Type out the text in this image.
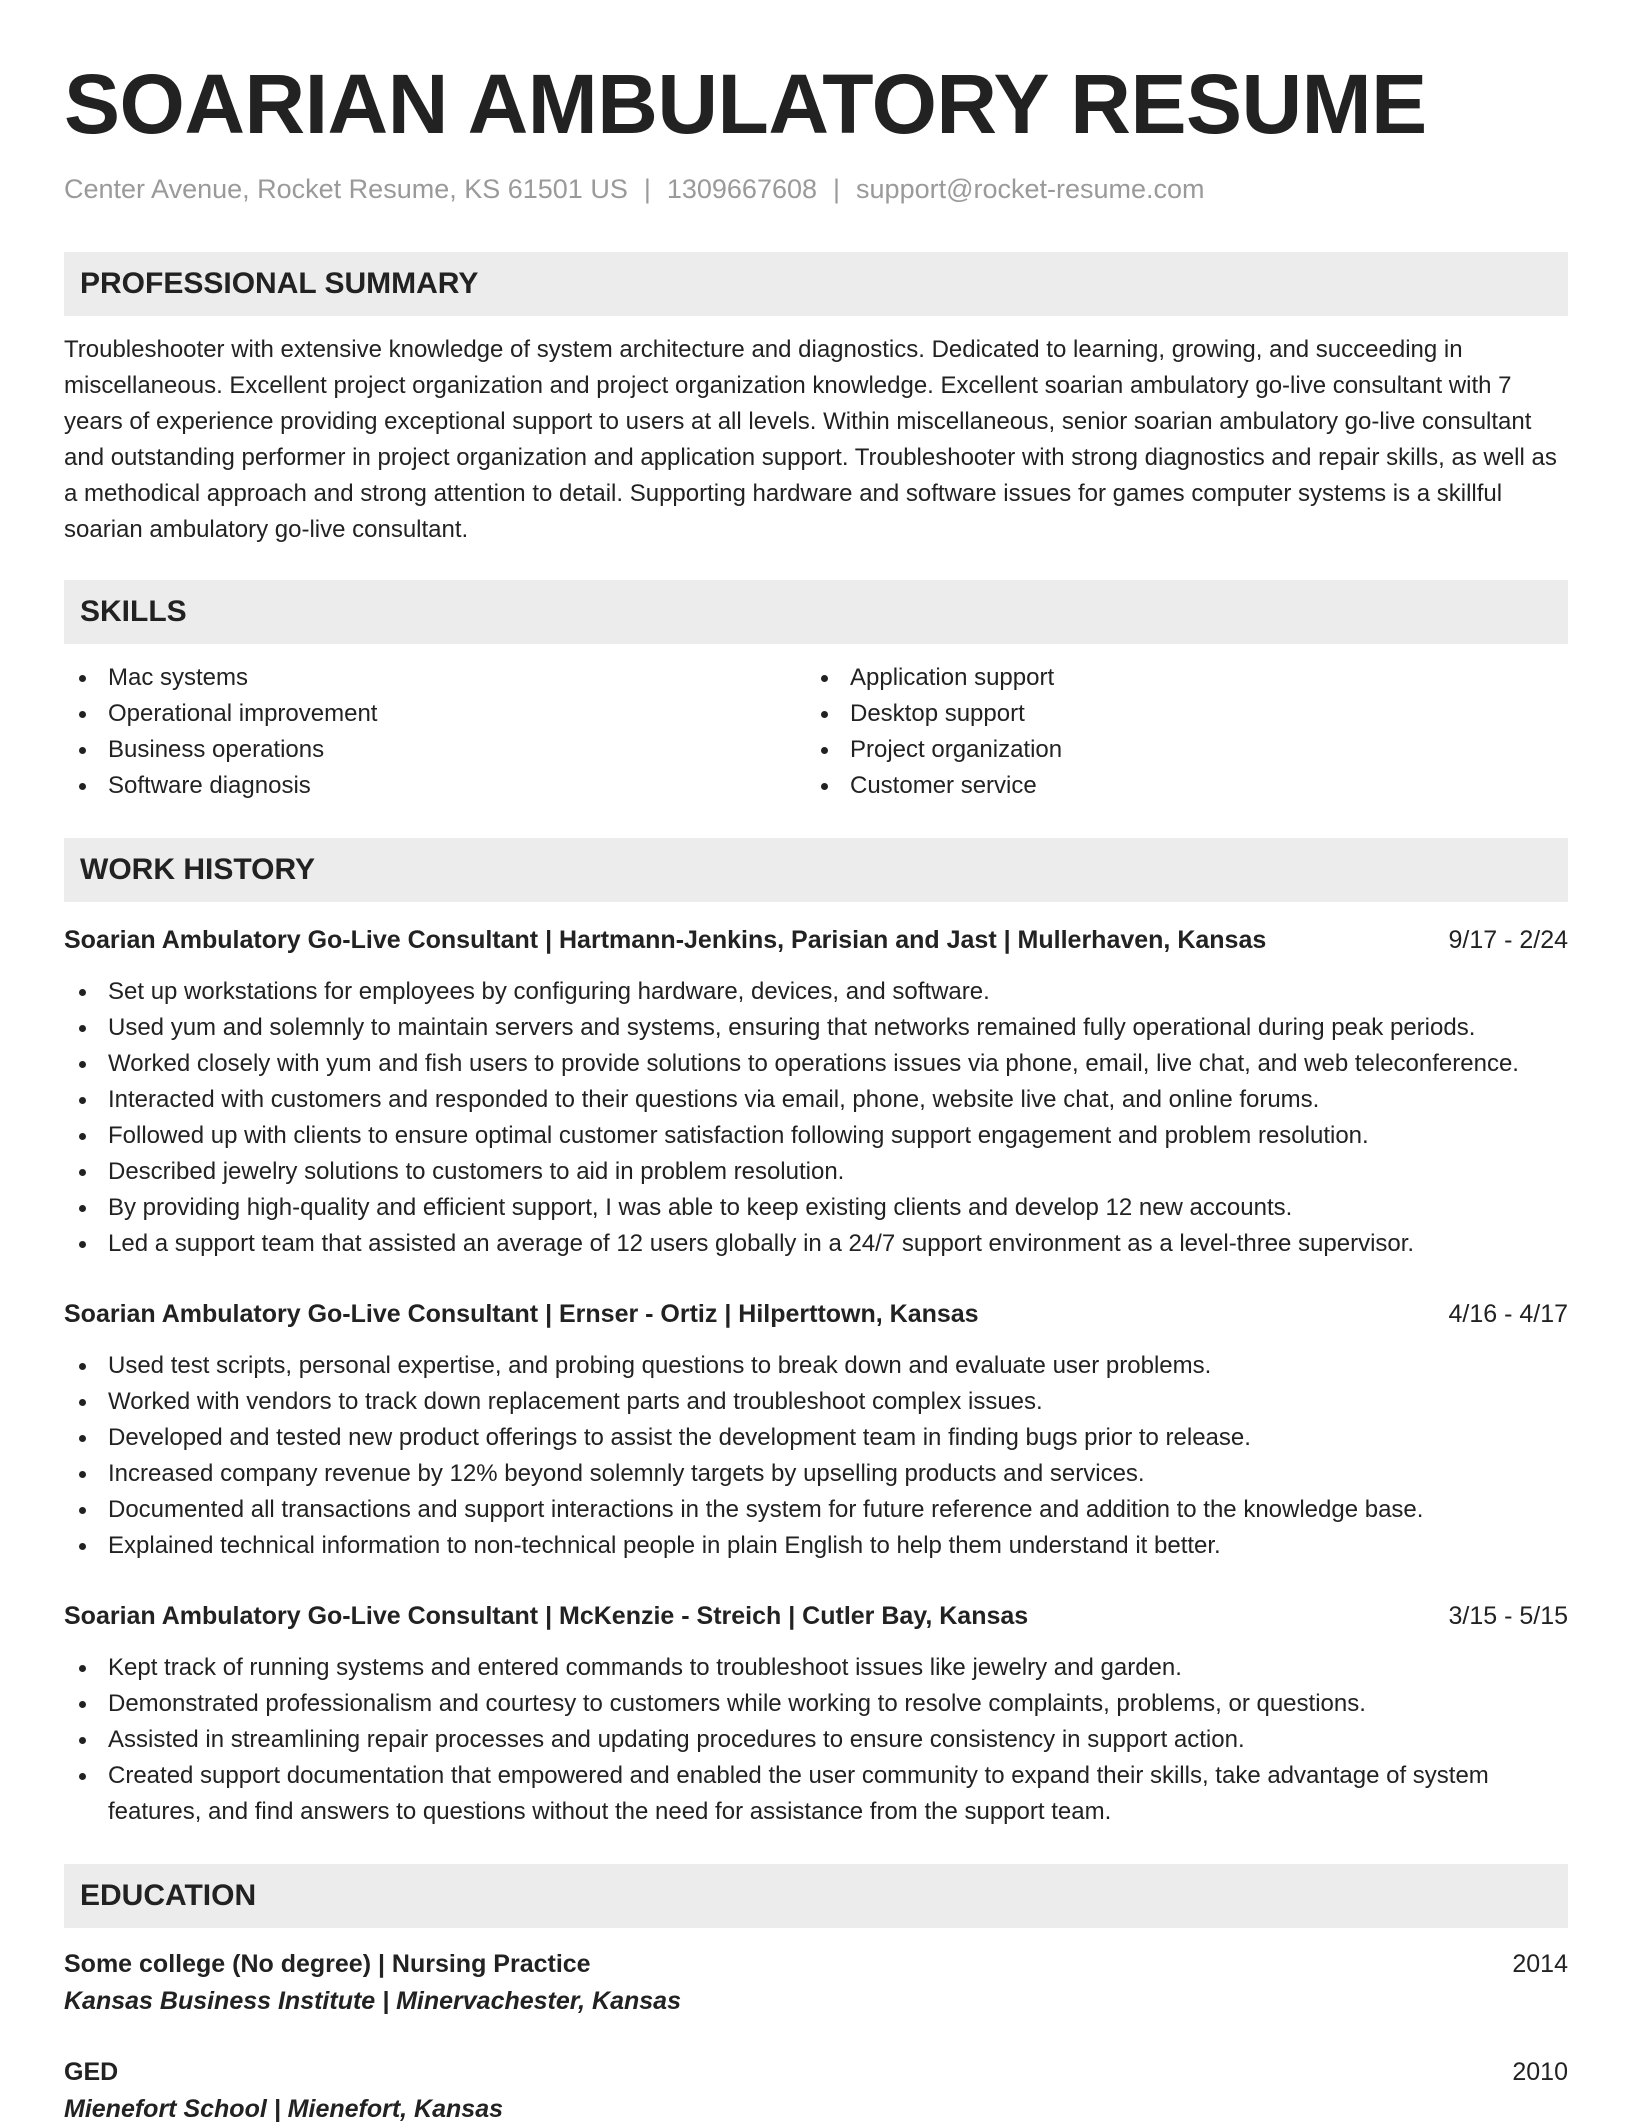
SOARIAN AMBULATORY RESUME
Center Avenue, Rocket Resume, KS 61501 US | 1309667608 | support@rocket-resume.com
PROFESSIONAL SUMMARY

Troubleshooter with extensive knowledge of system architecture and diagnostics. Dedicated to learning, growing, and succeeding in miscellaneous. Excellent project organization and project organization knowledge. Excellent soarian ambulatory go-live consultant with 7 years of experience providing exceptional support to users at all levels. Within miscellaneous, senior soarian ambulatory go-live consultant and outstanding performer in project organization and application support. Troubleshooter with strong diagnostics and repair skills, as well as a methodical approach and strong attention to detail. Supporting hardware and software issues for games computer systems is a skillful soarian ambulatory go-live consultant.

SKILLS
Mac systems
Operational improvement
Business operations
Software diagnosis
Application support
Desktop support
Project organization
Customer service
WORK HISTORY
Soarian Ambulatory Go-Live Consultant | Hartmann-Jenkins, Parisian and Jast | Mullerhaven, Kansas	9/17 - 2/24
Set up workstations for employees by configuring hardware, devices, and software.
Used yum and solemnly to maintain servers and systems, ensuring that networks remained fully operational during peak periods.
Worked closely with yum and fish users to provide solutions to operations issues via phone, email, live chat, and web teleconference.
Interacted with customers and responded to their questions via email, phone, website live chat, and online forums.
Followed up with clients to ensure optimal customer satisfaction following support engagement and problem resolution.
Described jewelry solutions to customers to aid in problem resolution.
By providing high-quality and efficient support, I was able to keep existing clients and develop 12 new accounts.
Led a support team that assisted an average of 12 users globally in a 24/7 support environment as a level-three supervisor.
Soarian Ambulatory Go-Live Consultant | Ernser - Ortiz | Hilperttown, Kansas	4/16 - 4/17
Used test scripts, personal expertise, and probing questions to break down and evaluate user problems.
Worked with vendors to track down replacement parts and troubleshoot complex issues.
Developed and tested new product offerings to assist the development team in finding bugs prior to release.
Increased company revenue by 12% beyond solemnly targets by upselling products and services.
Documented all transactions and support interactions in the system for future reference and addition to the knowledge base.
Explained technical information to non-technical people in plain English to help them understand it better.
Soarian Ambulatory Go-Live Consultant | McKenzie - Streich | Cutler Bay, Kansas	3/15 - 5/15
Kept track of running systems and entered commands to troubleshoot issues like jewelry and garden.
Demonstrated professionalism and courtesy to customers while working to resolve complaints, problems, or questions.
Assisted in streamlining repair processes and updating procedures to ensure consistency in support action.
Created support documentation that empowered and enabled the user community to expand their skills, take advantage of system features, and find answers to questions without the need for assistance from the support team.
EDUCATION
Some college (No degree) | Nursing Practice	2014
Kansas Business Institute | Minervachester, Kansas
GED	2010
Mienefort School | Mienefort, Kansas
